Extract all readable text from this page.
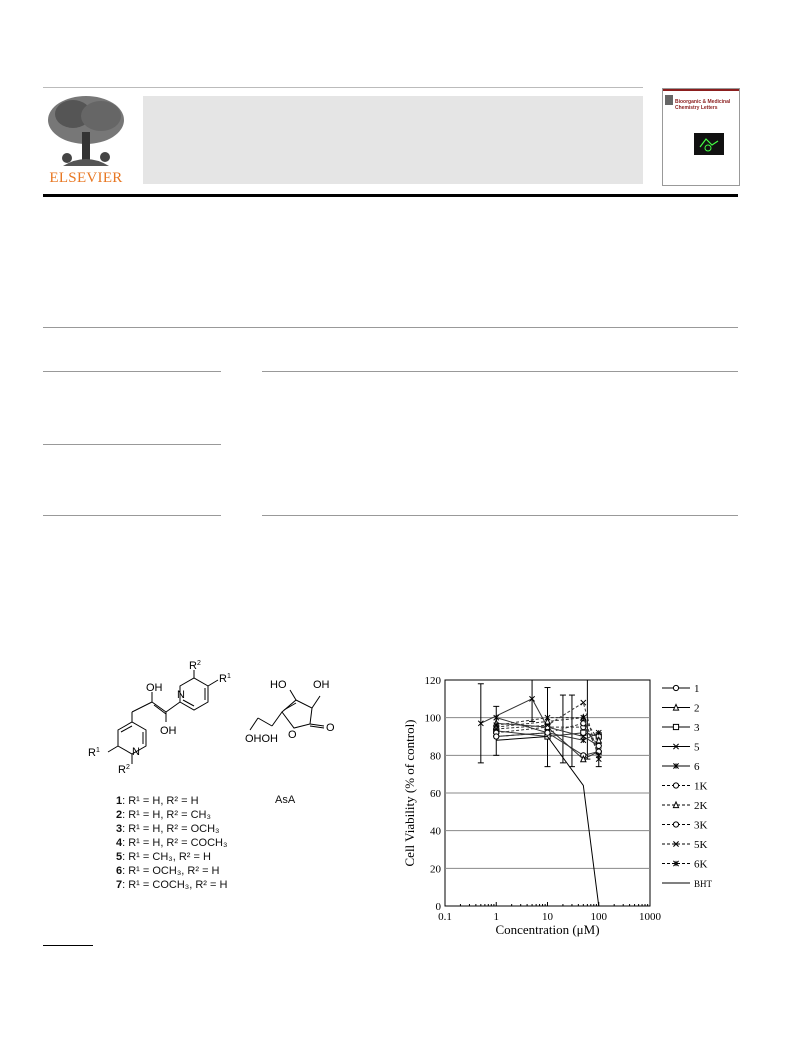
ELSEVIER
Bioorganic & Medicinal
Chemistry Letters
OH
OH
N
N
$R^2$
$R^1$
$R^1$
$R^2$
HO OH
OHOH O
O
AsA
1: R¹ = H, R² = H
2: R¹ = H, R² = CH₃
3: R¹ = H, R² = OCH₃
4: R¹ = H, R² = COCH₃
5: R¹ = CH₃, R² = H
6: R¹ = OCH₃, R² = H
7: R¹ = COCH₃, R² = H
0
20
40
60
80
100
120
0.1	1	10	100	1000
Concentration (μM)
Cell Viability (% of control)
1
2
3
5
6
1K
2K
3K
5K
6K
BHT
